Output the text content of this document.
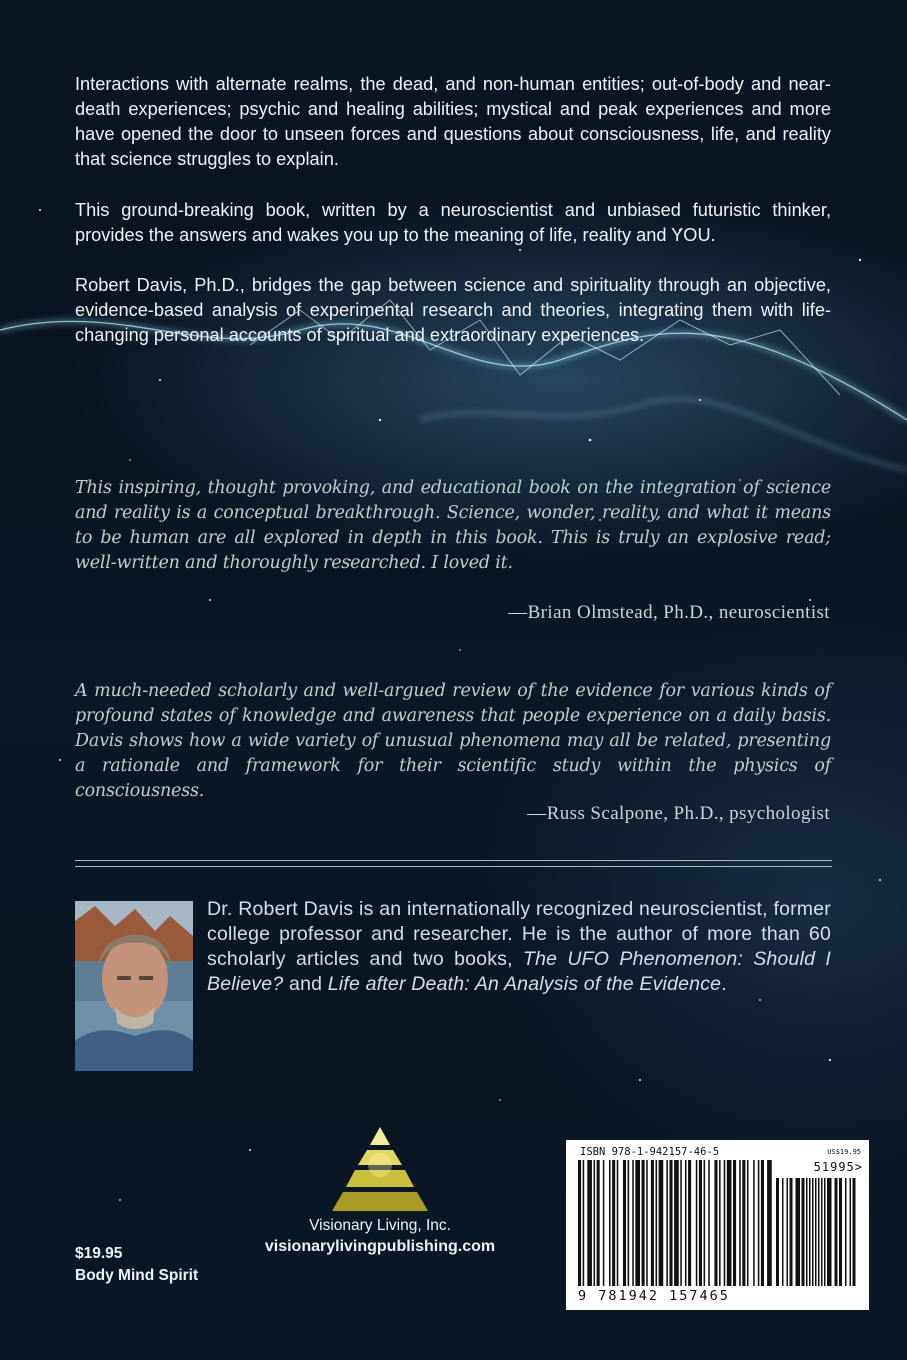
Interactions with alternate realms, the dead, and non-human entities; out-of-body and near-death experiences; psychic and healing abilities; mystical and peak experiences and more have opened the door to unseen forces and questions about consciousness, life, and reality that science struggles to explain.

This ground-breaking book, written by a neuroscientist and unbiased futuristic thinker, provides the answers and wakes you up to the meaning of life, reality and YOU.

Robert Davis, Ph.D., bridges the gap between science and spirituality through an objective, evidence-based analysis of experimental research and theories, integrating them with life-changing personal accounts of spiritual and extraordinary experiences.

This inspiring, thought provoking, and educational book on the integration of science and reality is a conceptual breakthrough. Science, wonder, reality, and what it means to be human are all explored in depth in this book. This is truly an explosive read; well-written and thoroughly researched. I loved it.

—Brian Olmstead, Ph.D., neuroscientist

A much-needed scholarly and well-argued review of the evidence for various kinds of profound states of knowledge and awareness that people experience on a daily basis. Davis shows how a wide variety of unusual phenomena may all be related, presenting a rationale and framework for their scientific study within the physics of consciousness.

—Russ Scalpone, Ph.D., psychologist

Dr. Robert Davis is an internationally recognized neuroscientist, former college professor and researcher. He is the author of more than 60 scholarly articles and two books, The UFO Phenomenon: Should I Believe? and Life after Death: An Analysis of the Evidence.

Visionary Living, Inc.
visionarylivingpublishing.com
$19.95
Body Mind Spirit
ISBN 978-1-942157-46-5	US$19.95
51995>
9 781942 157465
